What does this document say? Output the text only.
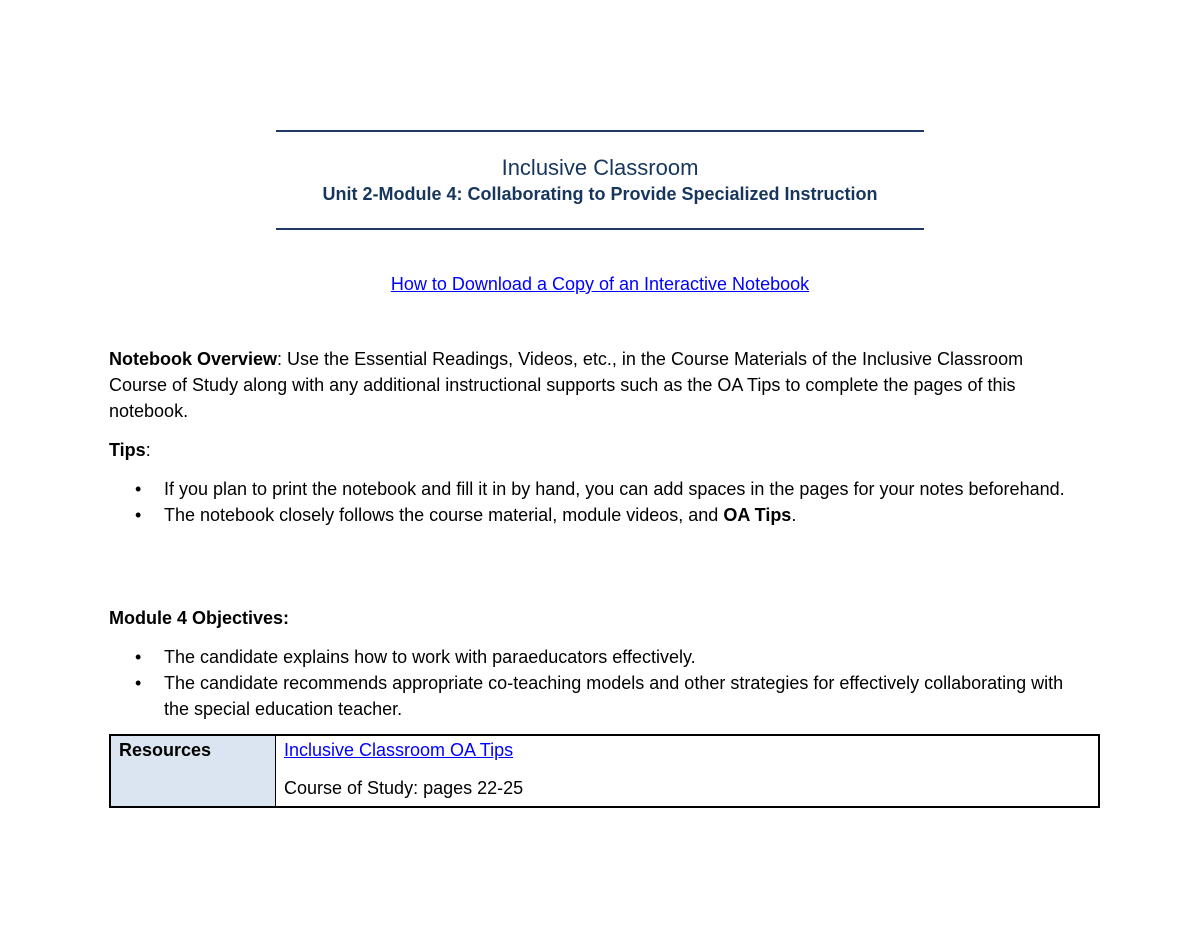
Inclusive Classroom
Unit 2-Module 4: Collaborating to Provide Specialized Instruction
How to Download a Copy of an Interactive Notebook
Notebook Overview: Use the Essential Readings, Videos, etc., in the Course Materials of the Inclusive Classroom Course of Study along with any additional instructional supports such as the OA Tips to complete the pages of this notebook.
Tips:
• If you plan to print the notebook and fill it in by hand, you can add spaces in the pages for your notes beforehand.
• The notebook closely follows the course material, module videos, and OA Tips.
Module 4 Objectives:
• The candidate explains how to work with paraeducators effectively.
• The candidate recommends appropriate co-teaching models and other strategies for effectively collaborating with the special education teacher.
Resources	Inclusive Classroom OA Tips
Course of Study: pages 22-25
